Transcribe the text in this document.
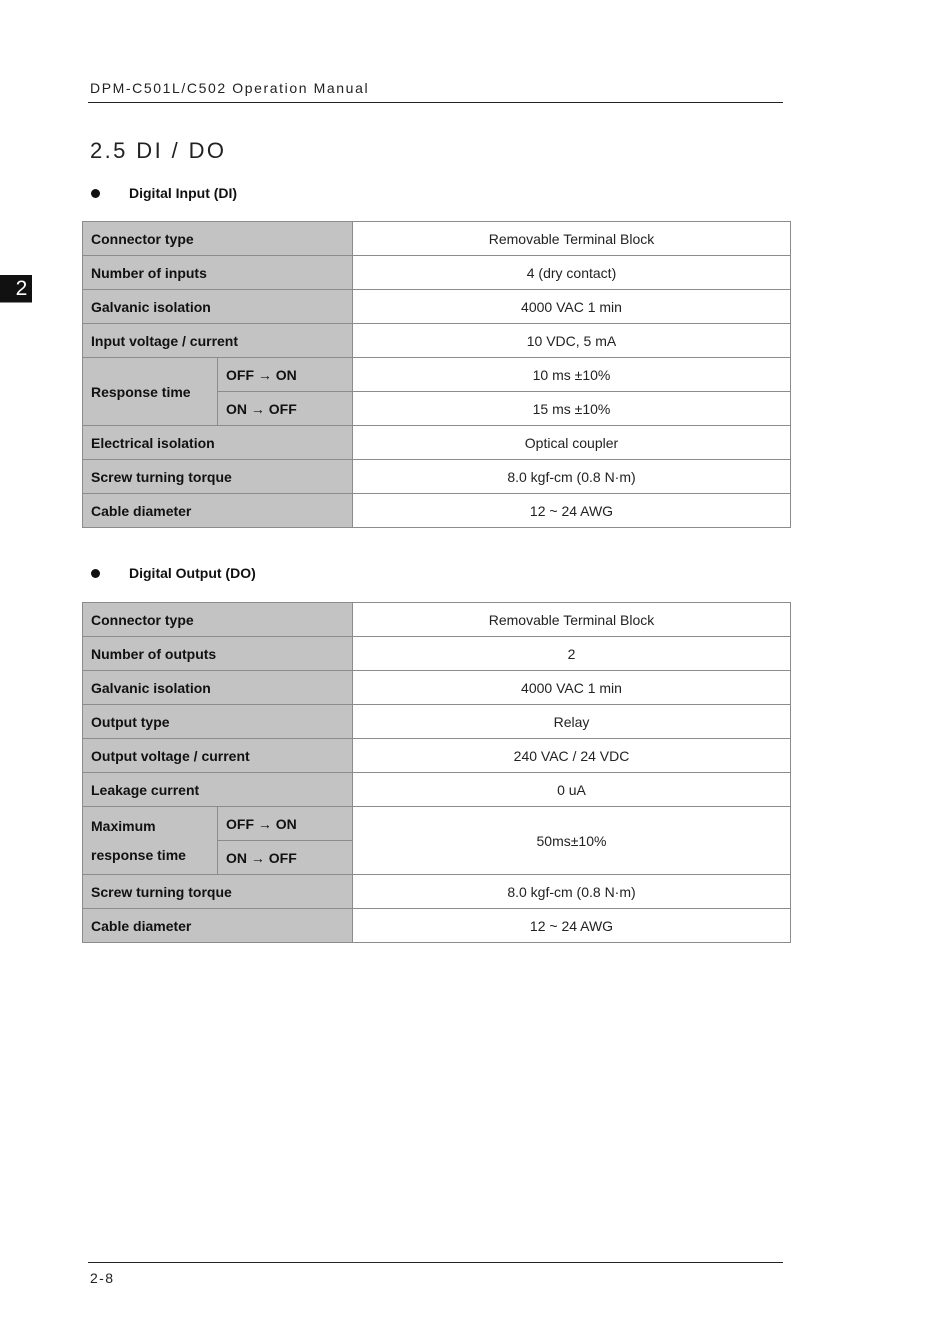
DPM-C501L/C502 Operation Manual
2
2.5 DI / DO
Digital Input (DI)
Connector type		Removable Terminal Block
Number of inputs		4 (dry contact)
Galvanic isolation		4000 VAC 1 min
Input voltage / current		10 VDC, 5 mA
Response time	OFF → ON	10 ms ±10%
	ON → OFF	15 ms ±10%
Electrical isolation		Optical coupler
Screw turning torque		8.0 kgf-cm (0.8 N·m)
Cable diameter		12 ~ 24 AWG
Digital Output (DO)
Connector type		Removable Terminal Block
Number of outputs		2
Galvanic isolation		4000 VAC 1 min
Output type		Relay
Output voltage / current		240 VAC / 24 VDC
Leakage current		0 uA
Maximum
response time	OFF → ON	50ms±10%
	ON → OFF	
Screw turning torque		8.0 kgf-cm (0.8 N·m)
Cable diameter		12 ~ 24 AWG
2-8
